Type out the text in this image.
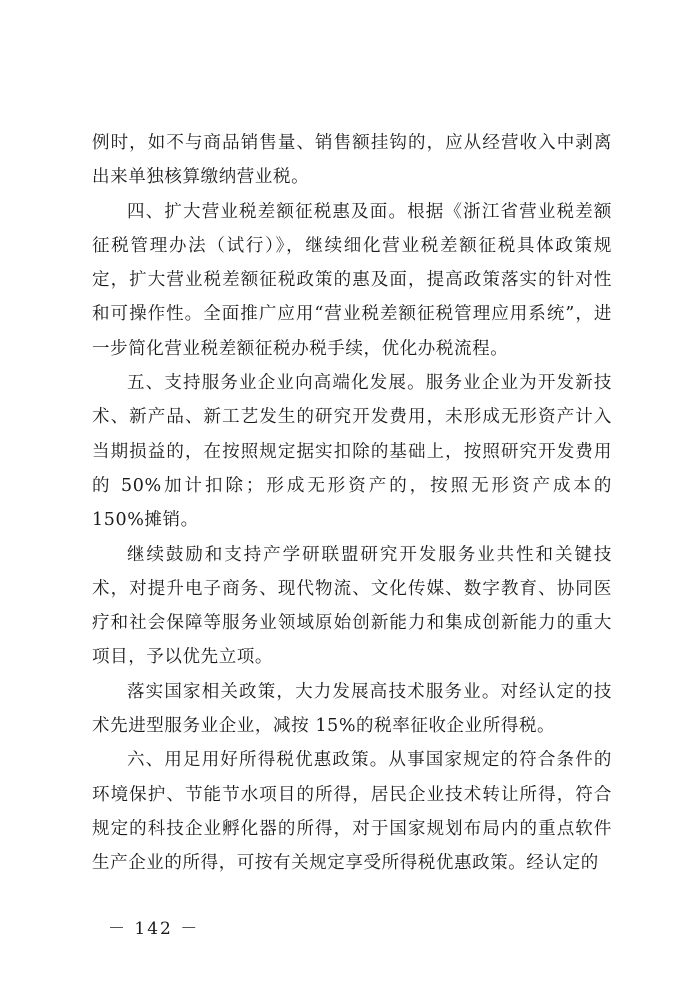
例时，如不与商品销售量、销售额挂钩的，应从经营收入中剥离出来单独核算缴纳营业税。

四、扩大营业税差额征税惠及面。根据《浙江省营业税差额征税管理办法（试行）》，继续细化营业税差额征税具体政策规定，扩大营业税差额征税政策的惠及面，提高政策落实的针对性和可操作性。全面推广应用“营业税差额征税管理应用系统”，进一步简化营业税差额征税办税手续，优化办税流程。

五、支持服务业企业向高端化发展。服务业企业为开发新技术、新产品、新工艺发生的研究开发费用，未形成无形资产计入当期损益的，在按照规定据实扣除的基础上，按照研究开发费用的 50%加计扣除；形成无形资产的，按照无形资产成本的 150%摊销。

继续鼓励和支持产学研联盟研究开发服务业共性和关键技术，对提升电子商务、现代物流、文化传媒、数字教育、协同医疗和社会保障等服务业领域原始创新能力和集成创新能力的重大项目，予以优先立项。

落实国家相关政策，大力发展高技术服务业。对经认定的技术先进型服务业企业，减按 15%的税率征收企业所得税。

六、用足用好所得税优惠政策。从事国家规定的符合条件的环境保护、节能节水项目的所得，居民企业技术转让所得，符合规定的科技企业孵化器的所得，对于国家规划布局内的重点软件生产企业的所得，可按有关规定享受所得税优惠政策。经认定的

－ 142 －
